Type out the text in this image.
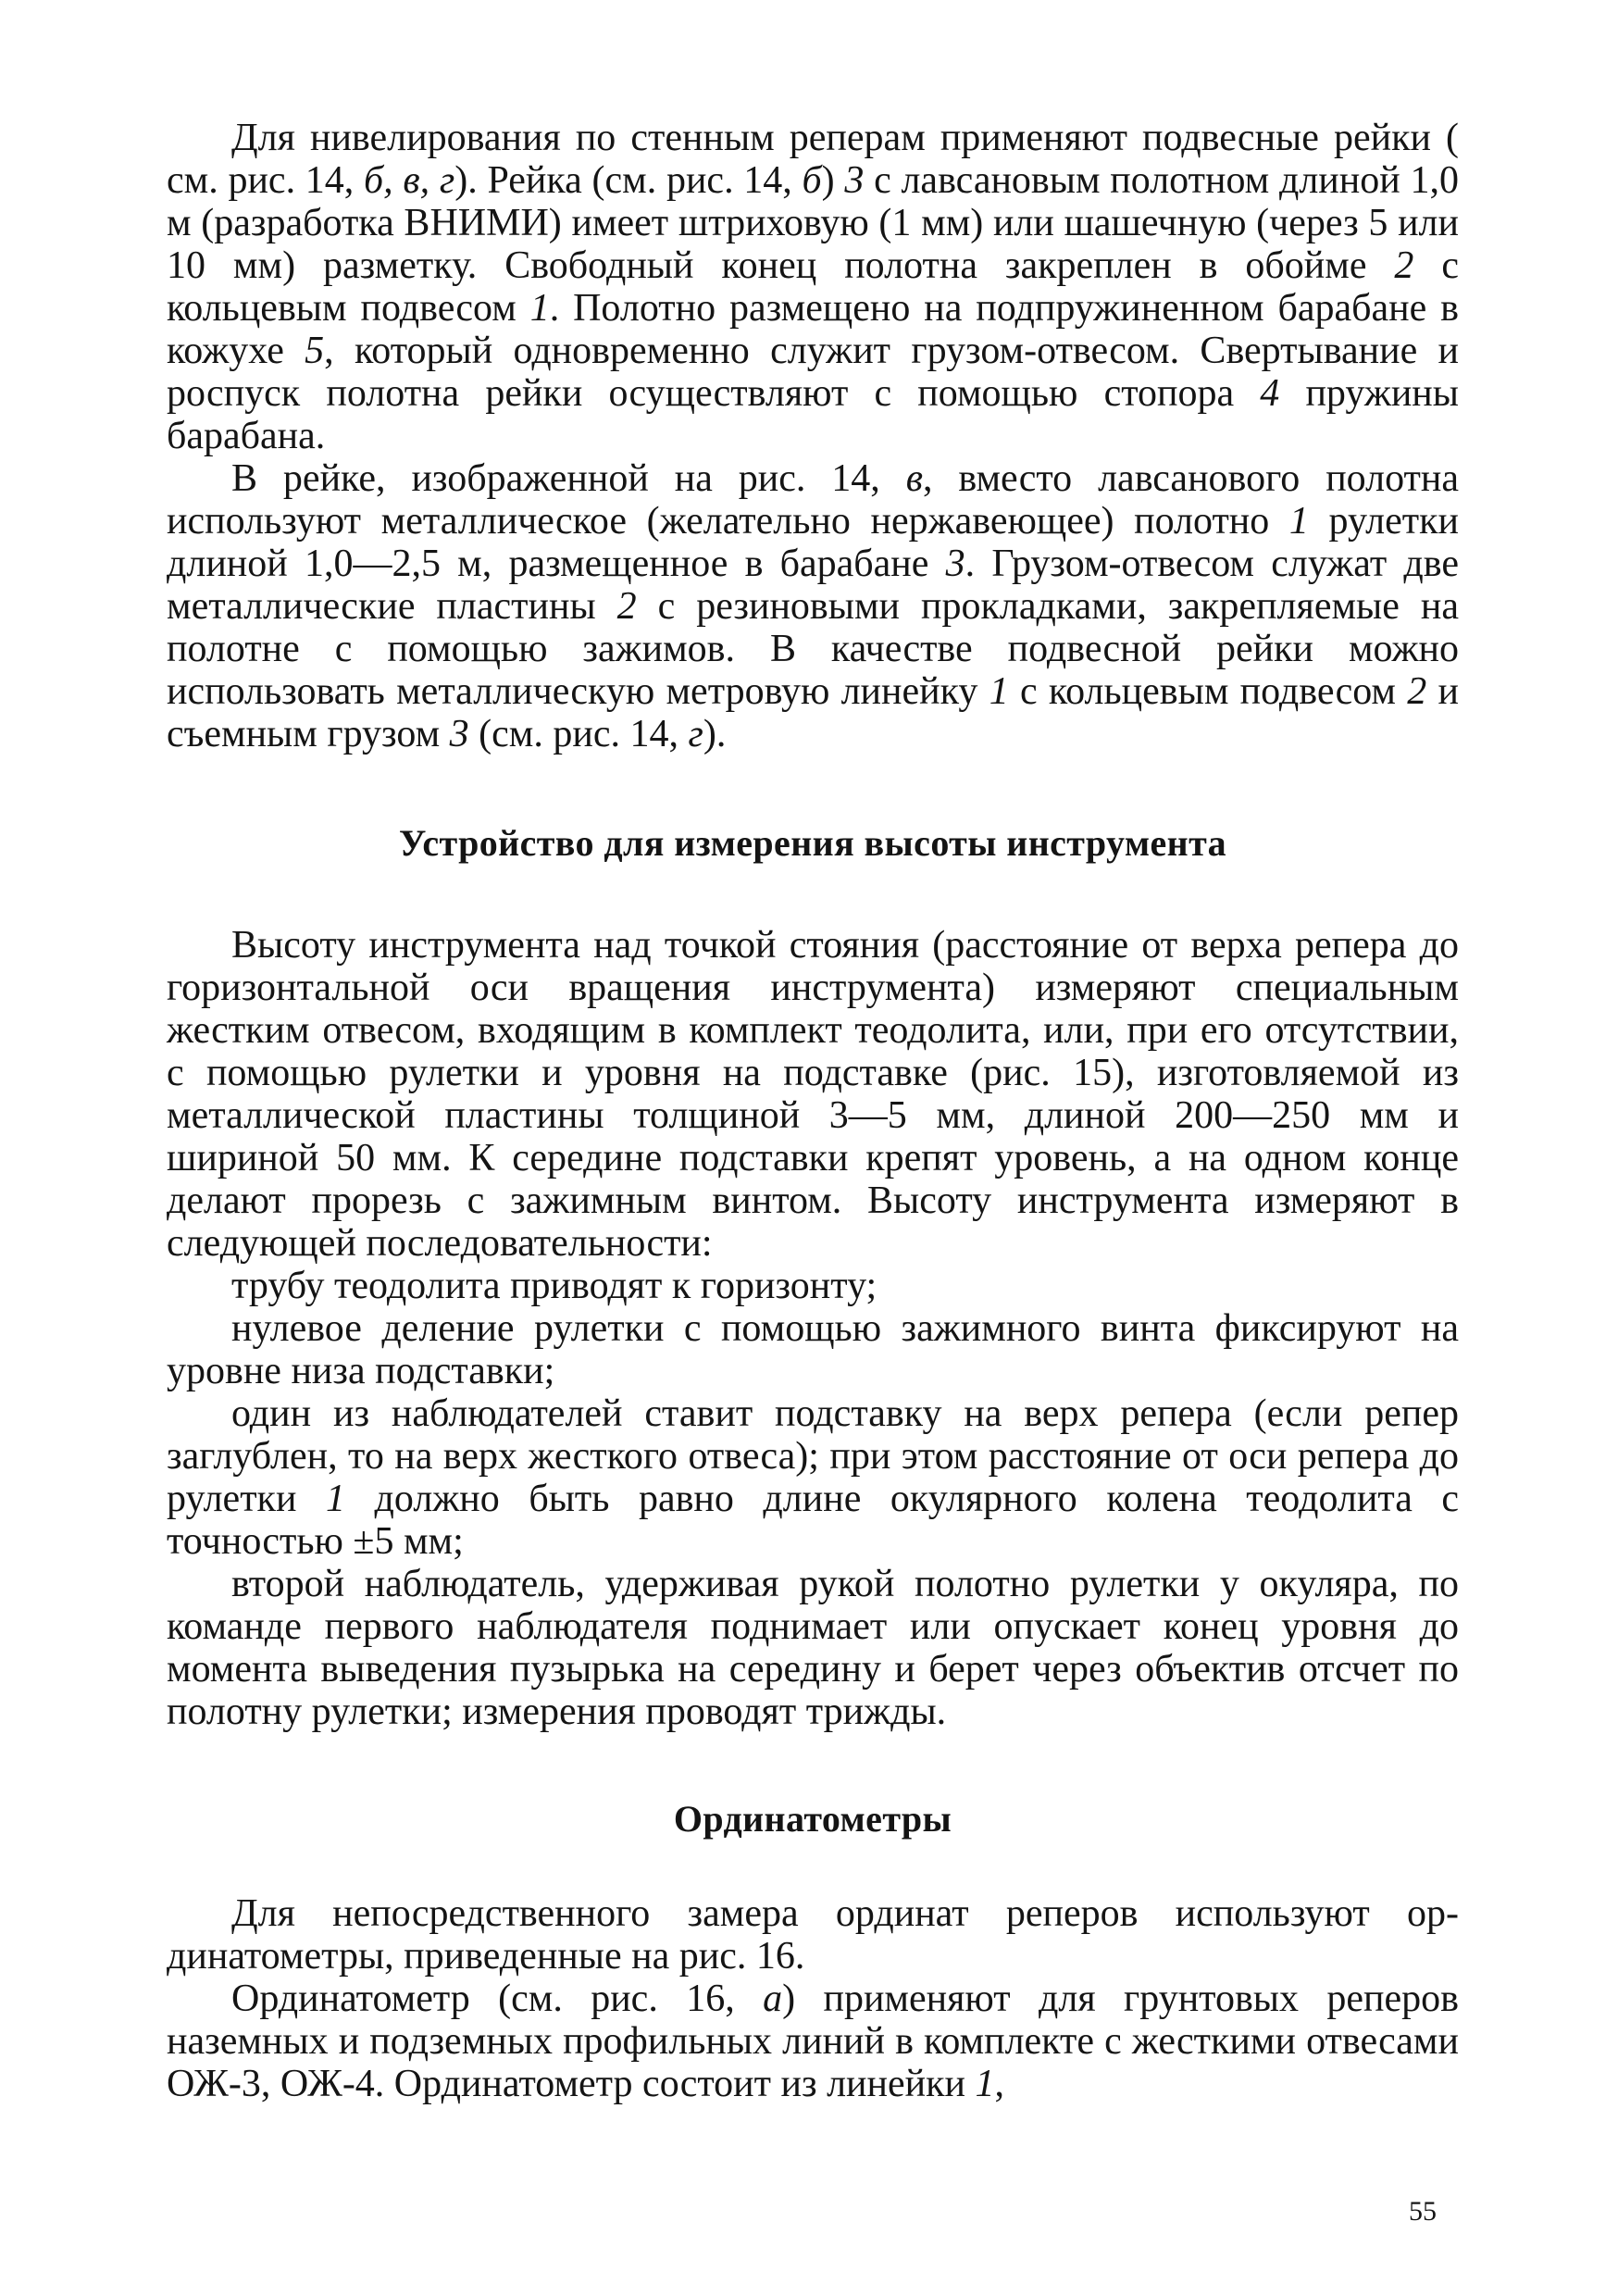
Для нивелирования по стенным реперам применяют подвесные рейки ( см. рис. 14, б, в, г). Рейка (см. рис. 14, б) 3 с лавсановым полотном длиной 1,0 м (разработка ВНИМИ) имеет штриховую (1 мм) или шашечную (через 5 или 10 мм) разметку. Свободный конец полотна закреплен в обойме 2 с кольцевым подвесом 1. Полотно размещено на подпружиненном барабане в кожухе 5, который одновременно служит грузом-отвесом. Свертывание и роспуск полотна рейки осуществляют с помощью стопора 4 пружины барабана.

В рейке, изображенной на рис. 14, в, вместо лавсанового полотна используют металлическое (желательно нержавеющее) полотно 1 рулетки длиной 1,0—2,5 м, размещенное в барабане 3. Грузом-отвесом служат две металлические пластины 2 с резиновыми прокладками, закрепляемые на полотне с помощью зажимов. В качестве подвесной рейки можно использовать металлическую метровую линейку 1 с кольцевым подвесом 2 и съемным грузом 3 (см. рис. 14, г).

Устройство для измерения высоты инструмента

Высоту инструмента над точкой стояния (расстояние от верха репера до горизонтальной оси вращения инструмента) измеряют специальным жестким отвесом, входящим в комплект теодолита, или, при его отсутствии, с помощью рулетки и уровня на подставке (рис. 15), изготовляемой из металлической пластины толщиной 3—5 мм, длиной 200—250 мм и шириной 50 мм. К середине подставки крепят уровень, а на одном конце делают прорезь с зажимным винтом. Высоту инструмента измеряют в следующей последовательности:

трубу теодолита приводят к горизонту;

нулевое деление рулетки с помощью зажимного винта фиксируют на уровне низа подставки;

один из наблюдателей ставит подставку на верх репера (если репер заглублен, то на верх жесткого отвеса); при этом расстояние от оси репера до рулетки 1 должно быть равно длине окулярного колена теодолита с точностью ±5 мм;

второй наблюдатель, удерживая рукой полотно рулетки у окуляра, по команде первого наблюдателя поднимает или опускает конец уровня до момента выведения пузырька на середину и берет через объектив отсчет по полотну рулетки; измерения проводят трижды.

Ординатометры

Для непосредственного замера ординат реперов используют ординатометры, приведенные на рис. 16.

Ординатометр (см. рис. 16, а) применяют для грунтовых реперов наземных и подземных профильных линий в комплекте с жесткими отвесами ОЖ-3, ОЖ-4. Ординатометр состоит из линейки 1,

55
